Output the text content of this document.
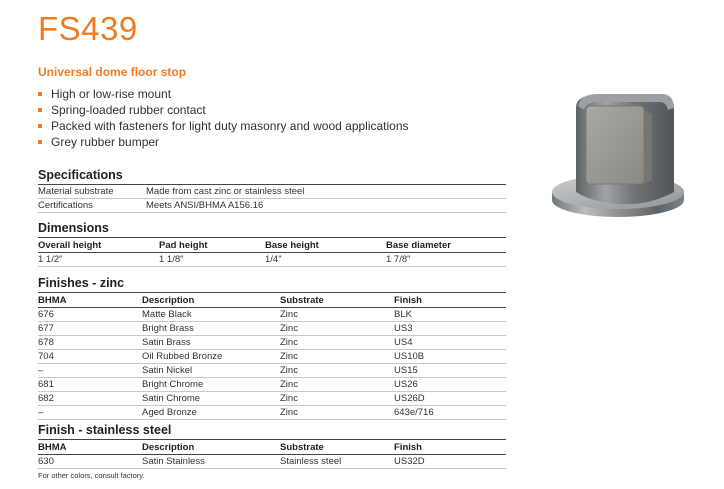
FS439

Universal dome floor stop

High or low-rise mount
Spring-loaded rubber contact
Packed with fasteners for light duty masonry and wood applications
Grey rubber bumper
Specifications
Material substrate	Made from cast zinc or stainless steel
Certifications	Meets ANSI/BHMA A156.16
Dimensions
Overall height	Pad height	Base height	Base diameter
1 1/2"	1 1/8"	1/4"	1 7/8"
Finishes - zinc
BHMA	Description	Substrate	Finish
676	Matte Black	Zinc	BLK
677	Bright Brass	Zinc	US3
678	Satin Brass	Zinc	US4
704	Oil Rubbed Bronze	Zinc	US10B
–	Satin Nickel	Zinc	US15
681	Bright Chrome	Zinc	US26
682	Satin Chrome	Zinc	US26D
–	Aged Bronze	Zinc	643e/716
Finish - stainless steel
BHMA	Description	Substrate	Finish
630	Satin Stainless	Stainless steel	US32D

For other colors, consult factory.
